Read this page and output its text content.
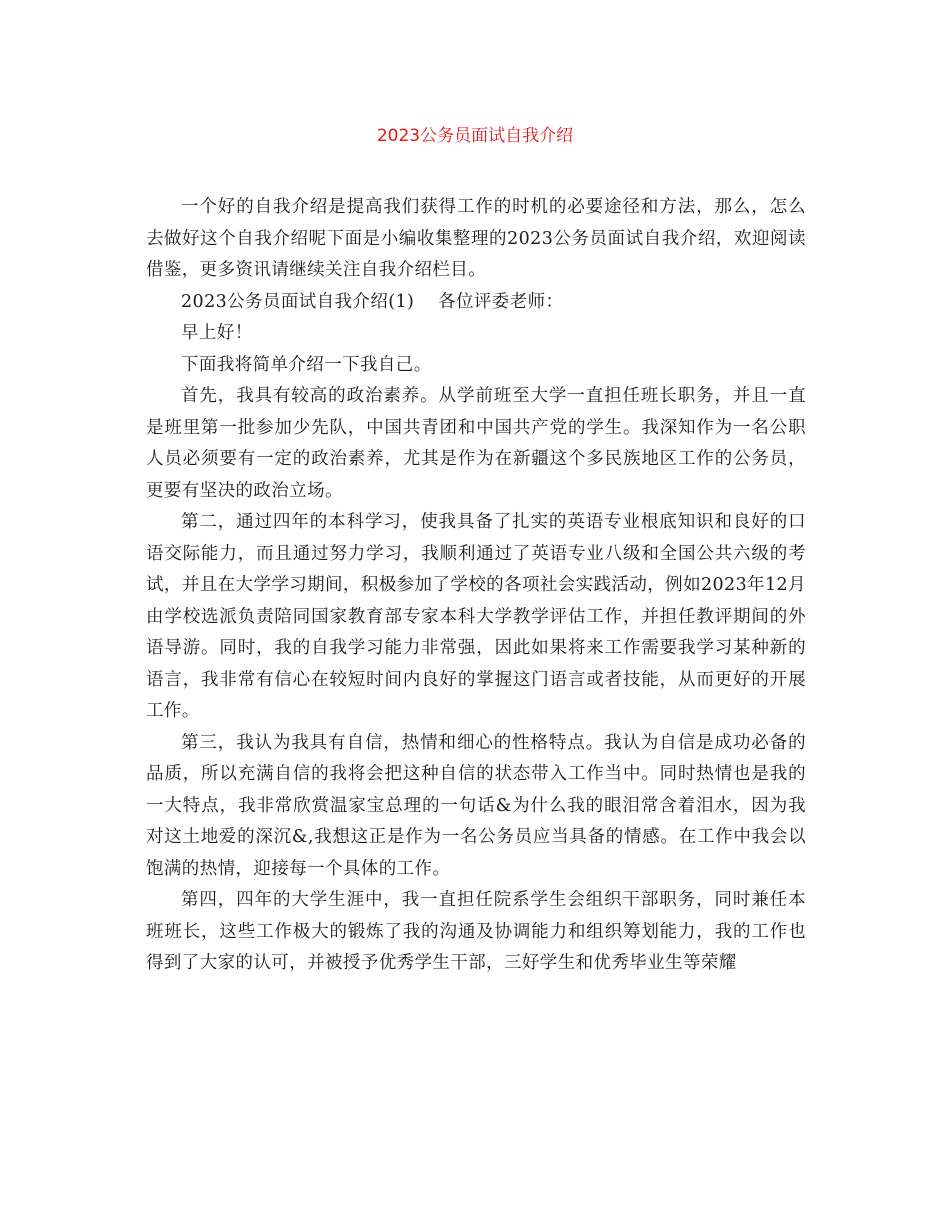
2023公务员面试自我介绍

一个好的自我介绍是提高我们获得工作的时机的必要途径和方法，那么，怎么去做好这个自我介绍呢下面是小编收集整理的2023公务员面试自我介绍，欢迎阅读借鉴，更多资讯请继续关注自我介绍栏目。

2023公务员面试自我介绍(1)    各位评委老师：

早上好！

下面我将简单介绍一下我自己。

首先，我具有较高的政治素养。从学前班至大学一直担任班长职务，并且一直是班里第一批参加少先队，中国共青团和中国共产党的学生。我深知作为一名公职人员必须要有一定的政治素养，尤其是作为在新疆这个多民族地区工作的公务员，更要有坚决的政治立场。

第二，通过四年的本科学习，使我具备了扎实的英语专业根底知识和良好的口语交际能力，而且通过努力学习，我顺利通过了英语专业八级和全国公共六级的考试，并且在大学学习期间，积极参加了学校的各项社会实践活动，例如2023年12月由学校选派负责陪同国家教育部专家本科大学教学评估工作，并担任教评期间的外语导游。同时，我的自我学习能力非常强，因此如果将来工作需要我学习某种新的语言，我非常有信心在较短时间内良好的掌握这门语言或者技能，从而更好的开展工作。

第三，我认为我具有自信，热情和细心的性格特点。我认为自信是成功必备的品质，所以充满自信的我将会把这种自信的状态带入工作当中。同时热情也是我的一大特点，我非常欣赏温家宝总理的一句话&为什么我的眼泪常含着泪水，因为我对这土地爱的深沉&,我想这正是作为一名公务员应当具备的情感。在工作中我会以饱满的热情，迎接每一个具体的工作。

第四，四年的大学生涯中，我一直担任院系学生会组织干部职务，同时兼任本班班长，这些工作极大的锻炼了我的沟通及协调能力和组织筹划能力，我的工作也得到了大家的认可，并被授予优秀学生干部，三好学生和优秀毕业生等荣耀
